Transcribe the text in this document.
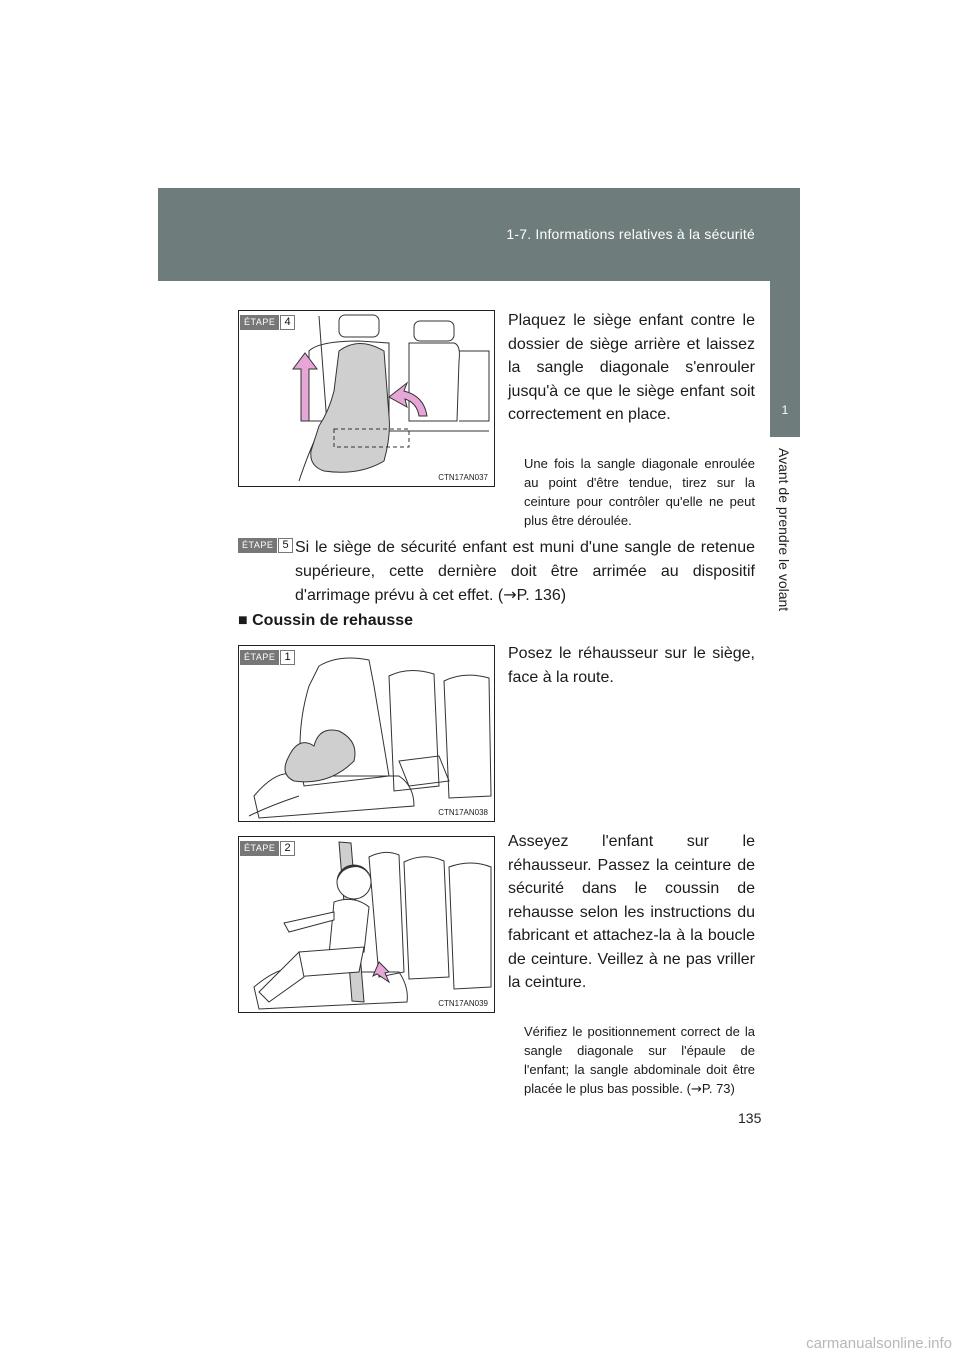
1-7. Informations relatives à la sécurité
1
Avant de prendre le volant
ÉTAPE 4
CTN17AN037
Plaquez le siège enfant contre le dossier de siège arrière et laissez la sangle diagonale s'enrouler jusqu'à ce que le siège enfant soit correctement en place.
Une fois la sangle diagonale enroulée au point d'être tendue, tirez sur la ceinture pour contrôler qu'elle ne peut plus être déroulée.
ÉTAPE 5 Si le siège de sécurité enfant est muni d'une sangle de retenue supérieure, cette dernière doit être arrimée au dispositif d'arrimage prévu à cet effet. (→P. 136)
■ Coussin de rehausse
ÉTAPE 1
CTN17AN038
Posez le réhausseur sur le siège, face à la route.
ÉTAPE 2
CTN17AN039
Asseyez l'enfant sur le réhausseur. Passez la ceinture de sécurité dans le coussin de rehausse selon les instructions du fabricant et attachez-la à la boucle de ceinture. Veillez à ne pas vriller la ceinture.
Vérifiez le positionnement correct de la sangle diagonale sur l'épaule de l'enfant; la sangle abdominale doit être placée le plus bas possible. (→P. 73)
135
carmanualsonline.info
